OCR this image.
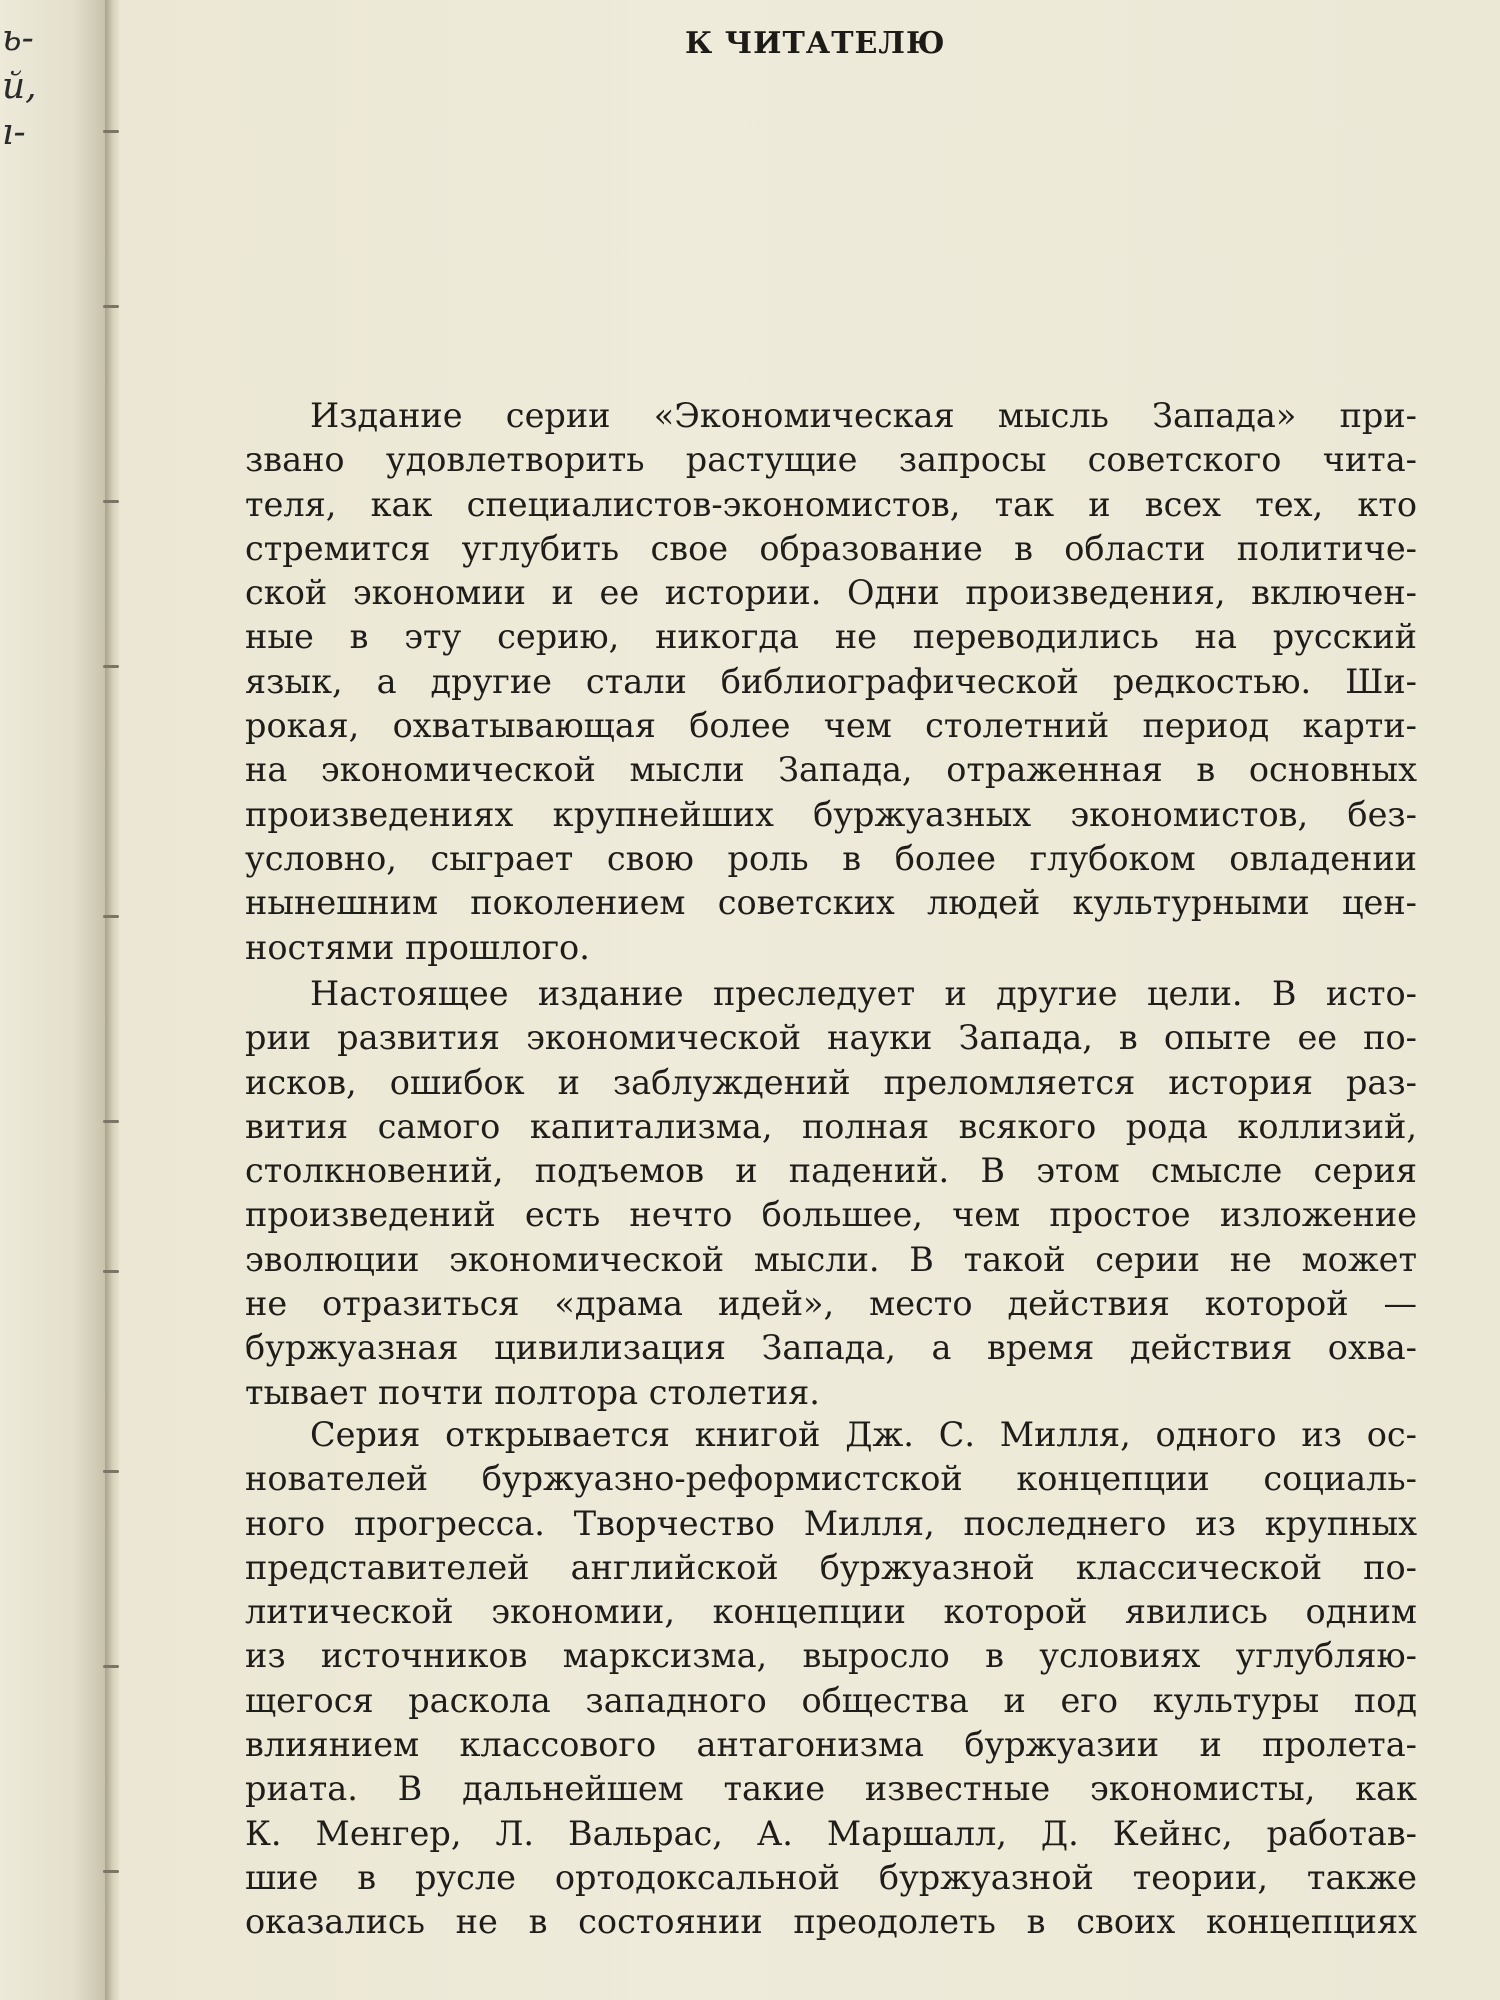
ь-
й,
ı-
К ЧИТАТЕЛЮ
Издание серии «Экономическая мысль Запада» при-
звано удовлетворить растущие запросы советского чита-
теля, как специалистов-экономистов, так и всех тех, кто
стремится углубить свое образование в области политиче-
ской экономии и ее истории. Одни произведения, включен-
ные в эту серию, никогда не переводились на русский
язык, а другие стали библиографической редкостью. Ши-
рокая, охватывающая более чем столетний период карти-
на экономической мысли Запада, отраженная в основных
произведениях крупнейших буржуазных экономистов, без-
условно, сыграет свою роль в более глубоком овладении
нынешним поколением советских людей культурными цен-
ностями прошлого.
Настоящее издание преследует и другие цели. В исто-
рии развития экономической науки Запада, в опыте ее по-
исков, ошибок и заблуждений преломляется история раз-
вития самого капитализма, полная всякого рода коллизий,
столкновений, подъемов и падений. В этом смысле серия
произведений есть нечто большее, чем простое изложение
эволюции экономической мысли. В такой серии не может
не отразиться «драма идей», место действия которой —
буржуазная цивилизация Запада, а время действия охва-
тывает почти полтора столетия.
Серия открывается книгой Дж. С. Милля, одного из ос-
нователей буржуазно-реформистской концепции социаль-
ного прогресса. Творчество Милля, последнего из крупных
представителей английской буржуазной классической по-
литической экономии, концепции которой явились одним
из источников марксизма, выросло в условиях углубляю-
щегося раскола западного общества и его культуры под
влиянием классового антагонизма буржуазии и пролета-
риата. В дальнейшем такие известные экономисты, как
К. Менгер, Л. Вальрас, А. Маршалл, Д. Кейнс, работав-
шие в русле ортодоксальной буржуазной теории, также
оказались не в состоянии преодолеть в своих концепциях
